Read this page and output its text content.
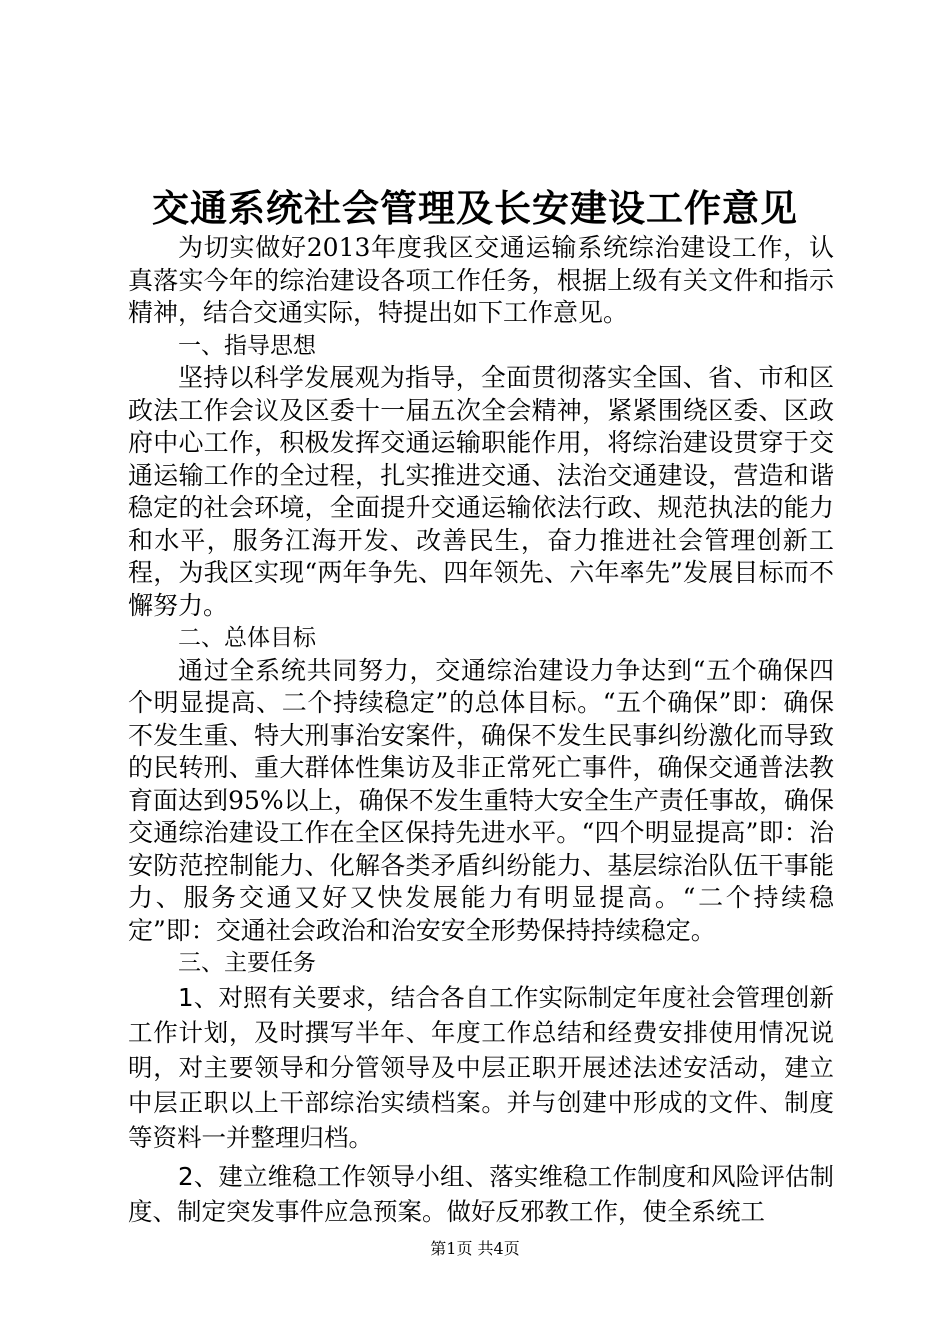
交通系统社会管理及长安建设工作意见

为切实做好2013年度我区交通运输系统综治建设工作，认真落实今年的综治建设各项工作任务，根据上级有关文件和指示精神，结合交通实际，特提出如下工作意见。

一、指导思想

坚持以科学发展观为指导，全面贯彻落实全国、省、市和区政法工作会议及区委十一届五次全会精神，紧紧围绕区委、区政府中心工作，积极发挥交通运输职能作用，将综治建设贯穿于交通运输工作的全过程，扎实推进交通、法治交通建设，营造和谐稳定的社会环境，全面提升交通运输依法行政、规范执法的能力和水平，服务江海开发、改善民生，奋力推进社会管理创新工程，为我区实现“两年争先、四年领先、六年率先”发展目标而不懈努力。

二、总体目标

通过全系统共同努力，交通综治建设力争达到“五个确保四个明显提高、二个持续稳定”的总体目标。“五个确保”即：确保不发生重、特大刑事治安案件，确保不发生民事纠纷激化而导致的民转刑、重大群体性集访及非正常死亡事件，确保交通普法教育面达到95%以上，确保不发生重特大安全生产责任事故，确保交通综治建设工作在全区保持先进水平。“四个明显提高”即：治安防范控制能力、化解各类矛盾纠纷能力、基层综治队伍干事能力、服务交通又好又快发展能力有明显提高。“二个持续稳定”即：交通社会政治和治安安全形势保持持续稳定。

三、主要任务

1、对照有关要求，结合各自工作实际制定年度社会管理创新工作计划，及时撰写半年、年度工作总结和经费安排使用情况说明，对主要领导和分管领导及中层正职开展述法述安活动，建立中层正职以上干部综治实绩档案。并与创建中形成的文件、制度等资料一并整理归档。

2、建立维稳工作领导小组、落实维稳工作制度和风险评估制度、制定突发事件应急预案。做好反邪教工作，使全系统工

第1页 共4页
